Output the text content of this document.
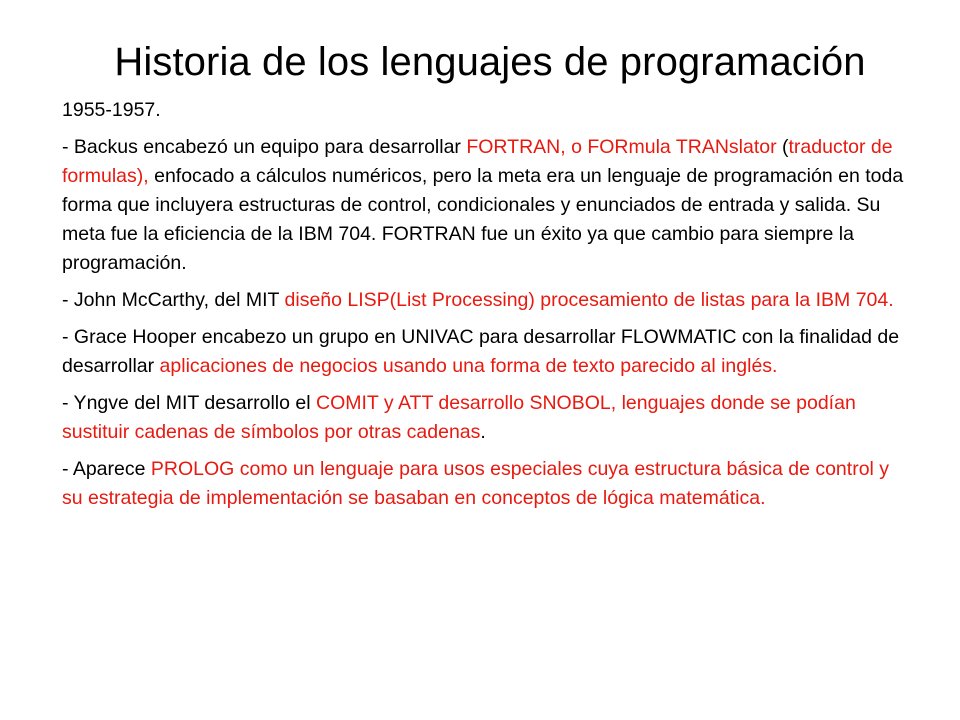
Historia de los lenguajes de programación

1955-1957.

- Backus encabezó un equipo para desarrollar FORTRAN, o FORmula TRANslator (traductor de formulas), enfocado a cálculos numéricos, pero la meta era un lenguaje de programación en toda forma que incluyera estructuras de control, condicionales y enunciados de entrada y salida. Su meta fue la eficiencia de la IBM 704. FORTRAN fue un éxito ya que cambio para siempre la programación.

- John McCarthy, del MIT diseño LISP(List Processing) procesamiento de listas para la IBM 704.

- Grace Hooper encabezo un grupo en UNIVAC para desarrollar FLOWMATIC con la finalidad de desarrollar aplicaciones de negocios usando una forma de texto parecido al inglés.

- Yngve del MIT desarrollo el COMIT y ATT desarrollo SNOBOL, lenguajes donde se podían sustituir cadenas de símbolos por otras cadenas.

- Aparece PROLOG como un lenguaje para usos especiales cuya estructura básica de control y su estrategia de implementación se basaban en conceptos de lógica matemática.
